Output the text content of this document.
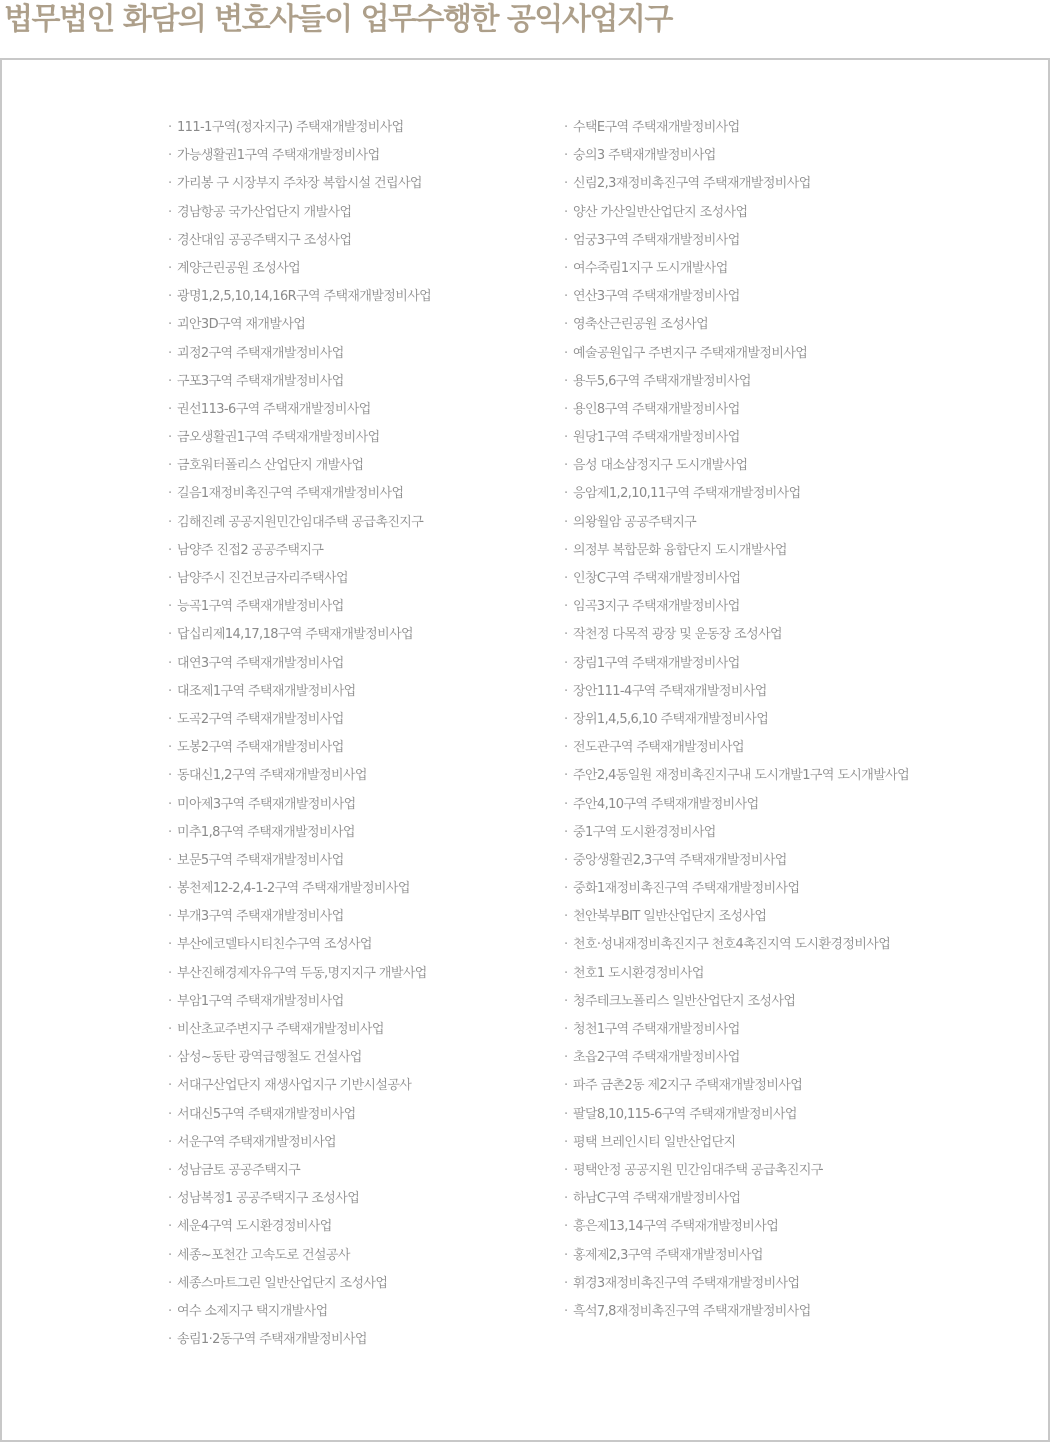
법무법인 화담의 변호사들이 업무수행한 공익사업지구
· 111-1구역(정자지구) 주택재개발정비사업
· 가능생활권1구역 주택재개발정비사업
· 가리봉 구 시장부지 주차장 복합시설 건립사업
· 경남항공 국가산업단지 개발사업
· 경산대임 공공주택지구 조성사업
· 계양근린공원 조성사업
· 광명1,2,5,10,14,16R구역 주택재개발정비사업
· 괴안3D구역 재개발사업
· 괴정2구역 주택재개발정비사업
· 구포3구역 주택재개발정비사업
· 권선113-6구역 주택재개발정비사업
· 금오생활권1구역 주택재개발정비사업
· 금호워터폴리스 산업단지 개발사업
· 길음1재정비촉진구역 주택재개발정비사업
· 김해진례 공공지원민간임대주택 공급촉진지구
· 남양주 진접2 공공주택지구
· 남양주시 진건보금자리주택사업
· 능곡1구역 주택재개발정비사업
· 답십리제14,17,18구역 주택재개발정비사업
· 대연3구역 주택재개발정비사업
· 대조제1구역 주택재개발정비사업
· 도곡2구역 주택재개발정비사업
· 도봉2구역 주택재개발정비사업
· 동대신1,2구역 주택재개발정비사업
· 미아제3구역 주택재개발정비사업
· 미추1,8구역 주택재개발정비사업
· 보문5구역 주택재개발정비사업
· 봉천제12-2,4-1-2구역 주택재개발정비사업
· 부개3구역 주택재개발정비사업
· 부산에코델타시티친수구역 조성사업
· 부산진해경제자유구역 두동,명지지구 개발사업
· 부암1구역 주택재개발정비사업
· 비산초교주변지구 주택재개발정비사업
· 삼성~동탄 광역급행철도 건설사업
· 서대구산업단지 재생사업지구 기반시설공사
· 서대신5구역 주택재개발정비사업
· 서운구역 주택재개발정비사업
· 성남금토 공공주택지구
· 성남복정1 공공주택지구 조성사업
· 세운4구역 도시환경정비사업
· 세종~포천간 고속도로 건설공사
· 세종스마트그린 일반산업단지 조성사업
· 여수 소제지구 택지개발사업
· 송림1·2동구역 주택재개발정비사업
· 수택E구역 주택재개발정비사업
· 숭의3 주택재개발정비사업
· 신림2,3재정비촉진구역 주택재개발정비사업
· 양산 가산일반산업단지 조성사업
· 엄궁3구역 주택재개발정비사업
· 여수죽림1지구 도시개발사업
· 연산3구역 주택재개발정비사업
· 영축산근린공원 조성사업
· 예술공원입구 주변지구 주택재개발정비사업
· 용두5,6구역 주택재개발정비사업
· 용인8구역 주택재개발정비사업
· 원당1구역 주택재개발정비사업
· 음성 대소삼정지구 도시개발사업
· 응암제1,2,10,11구역 주택재개발정비사업
· 의왕월암 공공주택지구
· 의정부 복합문화 융합단지 도시개발사업
· 인창C구역 주택재개발정비사업
· 임곡3지구 주택재개발정비사업
· 작천정 다목적 광장 및 운동장 조성사업
· 장림1구역 주택재개발정비사업
· 장안111-4구역 주택재개발정비사업
· 장위1,4,5,6,10 주택재개발정비사업
· 전도관구역 주택재개발정비사업
· 주안2,4동일원 재정비촉진지구내 도시개발1구역 도시개발사업
· 주안4,10구역 주택재개발정비사업
· 중1구역 도시환경정비사업
· 중앙생활권2,3구역 주택재개발정비사업
· 중화1재정비촉진구역 주택재개발정비사업
· 천안북부BIT 일반산업단지 조성사업
· 천호·성내재정비촉진지구 천호4촉진지역 도시환경정비사업
· 천호1 도시환경정비사업
· 청주테크노폴리스 일반산업단지 조성사업
· 청천1구역 주택재개발정비사업
· 초읍2구역 주택재개발정비사업
· 파주 금촌2동 제2지구 주택재개발정비사업
· 팔달8,10,115-6구역 주택재개발정비사업
· 평택 브레인시티 일반산업단지
· 평택안정 공공지원 민간임대주택 공급촉진지구
· 하남C구역 주택재개발정비사업
· 흥은제13,14구역 주택재개발정비사업
· 홍제제2,3구역 주택재개발정비사업
· 휘경3재정비촉진구역 주택재개발정비사업
· 흑석7,8재정비촉진구역 주택재개발정비사업
